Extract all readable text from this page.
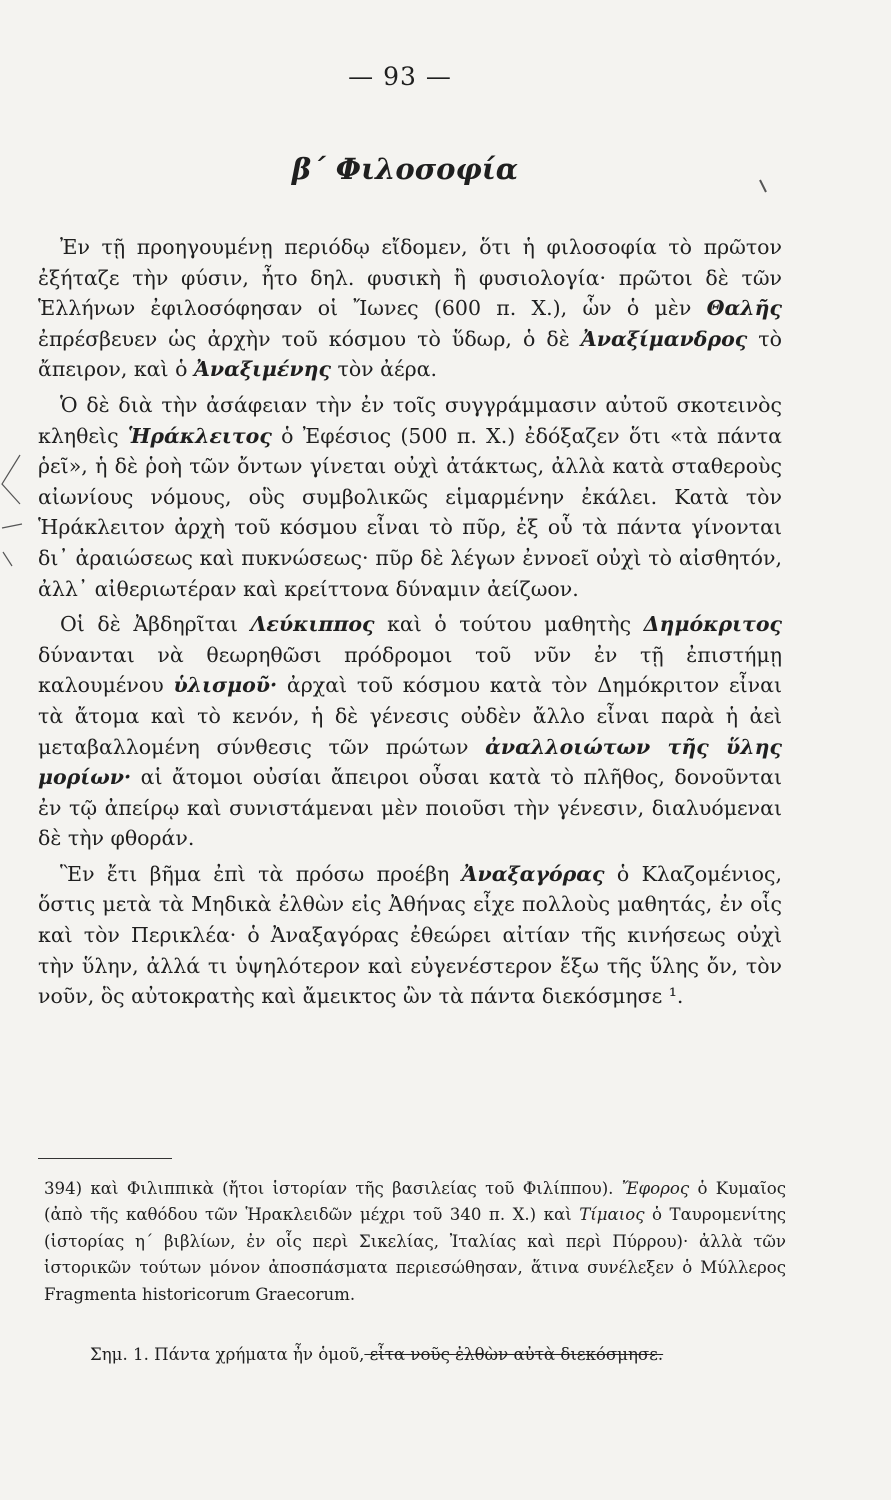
— 93 —
β΄ Φιλοσοφία

Ἐν τῇ προηγουμένῃ περιόδῳ εἴδομεν, ὅτι ἡ φιλοσοφία τὸ πρῶτον ἐξήταζε τὴν φύσιν, ἦτο δηλ. φυσικὴ ἢ φυσιολογία· πρῶτοι δὲ τῶν Ἑλλήνων ἐφιλοσόφησαν οἱ Ἴωνες (600 π. Χ.), ὧν ὁ μὲν Θαλῆς ἐπρέσβευεν ὡς ἀρχὴν τοῦ κόσμου τὸ ὕδωρ, ὁ δὲ Ἀναξίμανδρος τὸ ἄπειρον, καὶ ὁ Ἀναξιμένης τὸν ἀέρα.

Ὁ δὲ διὰ τὴν ἀσάφειαν τὴν ἐν τοῖς συγγράμμασιν αὐτοῦ σκοτεινὸς κληθεὶς Ἡράκλειτος ὁ Ἐφέσιος (500 π. Χ.) ἐδόξαζεν ὅτι «τὰ πάντα ῥεῖ», ἡ δὲ ῥοὴ τῶν ὄντων γίνεται οὐχὶ ἀτάκτως, ἀλλὰ κατὰ σταθεροὺς αἰωνίους νόμους, οὓς συμβολικῶς εἱμαρμένην ἐκάλει. Κατὰ τὸν Ἡράκλειτον ἀρχὴ τοῦ κόσμου εἶναι τὸ πῦρ, ἐξ οὗ τὰ πάντα γίνονται δι᾽ ἀραιώσεως καὶ πυκνώσεως· πῦρ δὲ λέγων ἐννοεῖ οὐχὶ τὸ αἰσθητόν, ἀλλ᾽ αἰθεριωτέραν καὶ κρείττονα δύναμιν ἀείζωον.

Οἱ δὲ Ἀβδηρῖται Λεύκιππος καὶ ὁ τούτου μαθητὴς Δημόκριτος δύνανται νὰ θεωρηθῶσι πρόδρομοι τοῦ νῦν ἐν τῇ ἐπιστήμῃ καλουμένου ὑλισμοῦ· ἀρχαὶ τοῦ κόσμου κατὰ τὸν Δημόκριτον εἶναι τὰ ἄτομα καὶ τὸ κενόν, ἡ δὲ γένεσις οὐδὲν ἄλλο εἶναι παρὰ ἡ ἀεὶ μεταβαλλομένη σύνθεσις τῶν πρώτων ἀναλλοιώτων τῆς ὕλης μορίων· αἱ ἄτομοι οὐσίαι ἄπειροι οὖσαι κατὰ τὸ πλῆθος, δονοῦνται ἐν τῷ ἀπείρῳ καὶ συνιστάμεναι μὲν ποιοῦσι τὴν γένεσιν, διαλυόμεναι δὲ τὴν φθοράν.

Ἓν ἔτι βῆμα ἐπὶ τὰ πρόσω προέβη Ἀναξαγόρας ὁ Κλαζομένιος, ὅστις μετὰ τὰ Μηδικὰ ἐλθὼν εἰς Ἀθήνας εἶχε πολλοὺς μαθητάς, ἐν οἷς καὶ τὸν Περικλέα· ὁ Ἀναξαγόρας ἐθεώρει αἰτίαν τῆς κινήσεως οὐχὶ τὴν ὕλην, ἀλλά τι ὑψηλότερον καὶ εὐγενέστερον ἔξω τῆς ὕλης ὄν, τὸν νοῦν, ὃς αὐτοκρατὴς καὶ ἄμεικτος ὢν τὰ πάντα διεκόσμησε ¹.

394) καὶ Φιλιππικὰ (ἤτοι ἱστορίαν τῆς βασιλείας τοῦ Φιλίππου). Ἔφορος ὁ Κυμαῖος (ἀπὸ τῆς καθόδου τῶν Ἡρακλειδῶν μέχρι τοῦ 340 π. Χ.) καὶ Τίμαιος ὁ Ταυρομενίτης (ἱστορίας η΄ βιβλίων, ἐν οἷς περὶ Σικελίας, Ἰταλίας καὶ περὶ Πύρρου)· ἀλλὰ τῶν ἱστορικῶν τούτων μόνον ἀποσπάσματα περιεσώθησαν, ἅτινα συνέλεξεν ὁ Μύλλερος Fragmenta historicorum Graecorum.
Σημ. 1. Πάντα χρήματα ἦν ὁμοῦ, εἶτα νοῦς ἐλθὼν αὐτὰ διεκόσμησε.
